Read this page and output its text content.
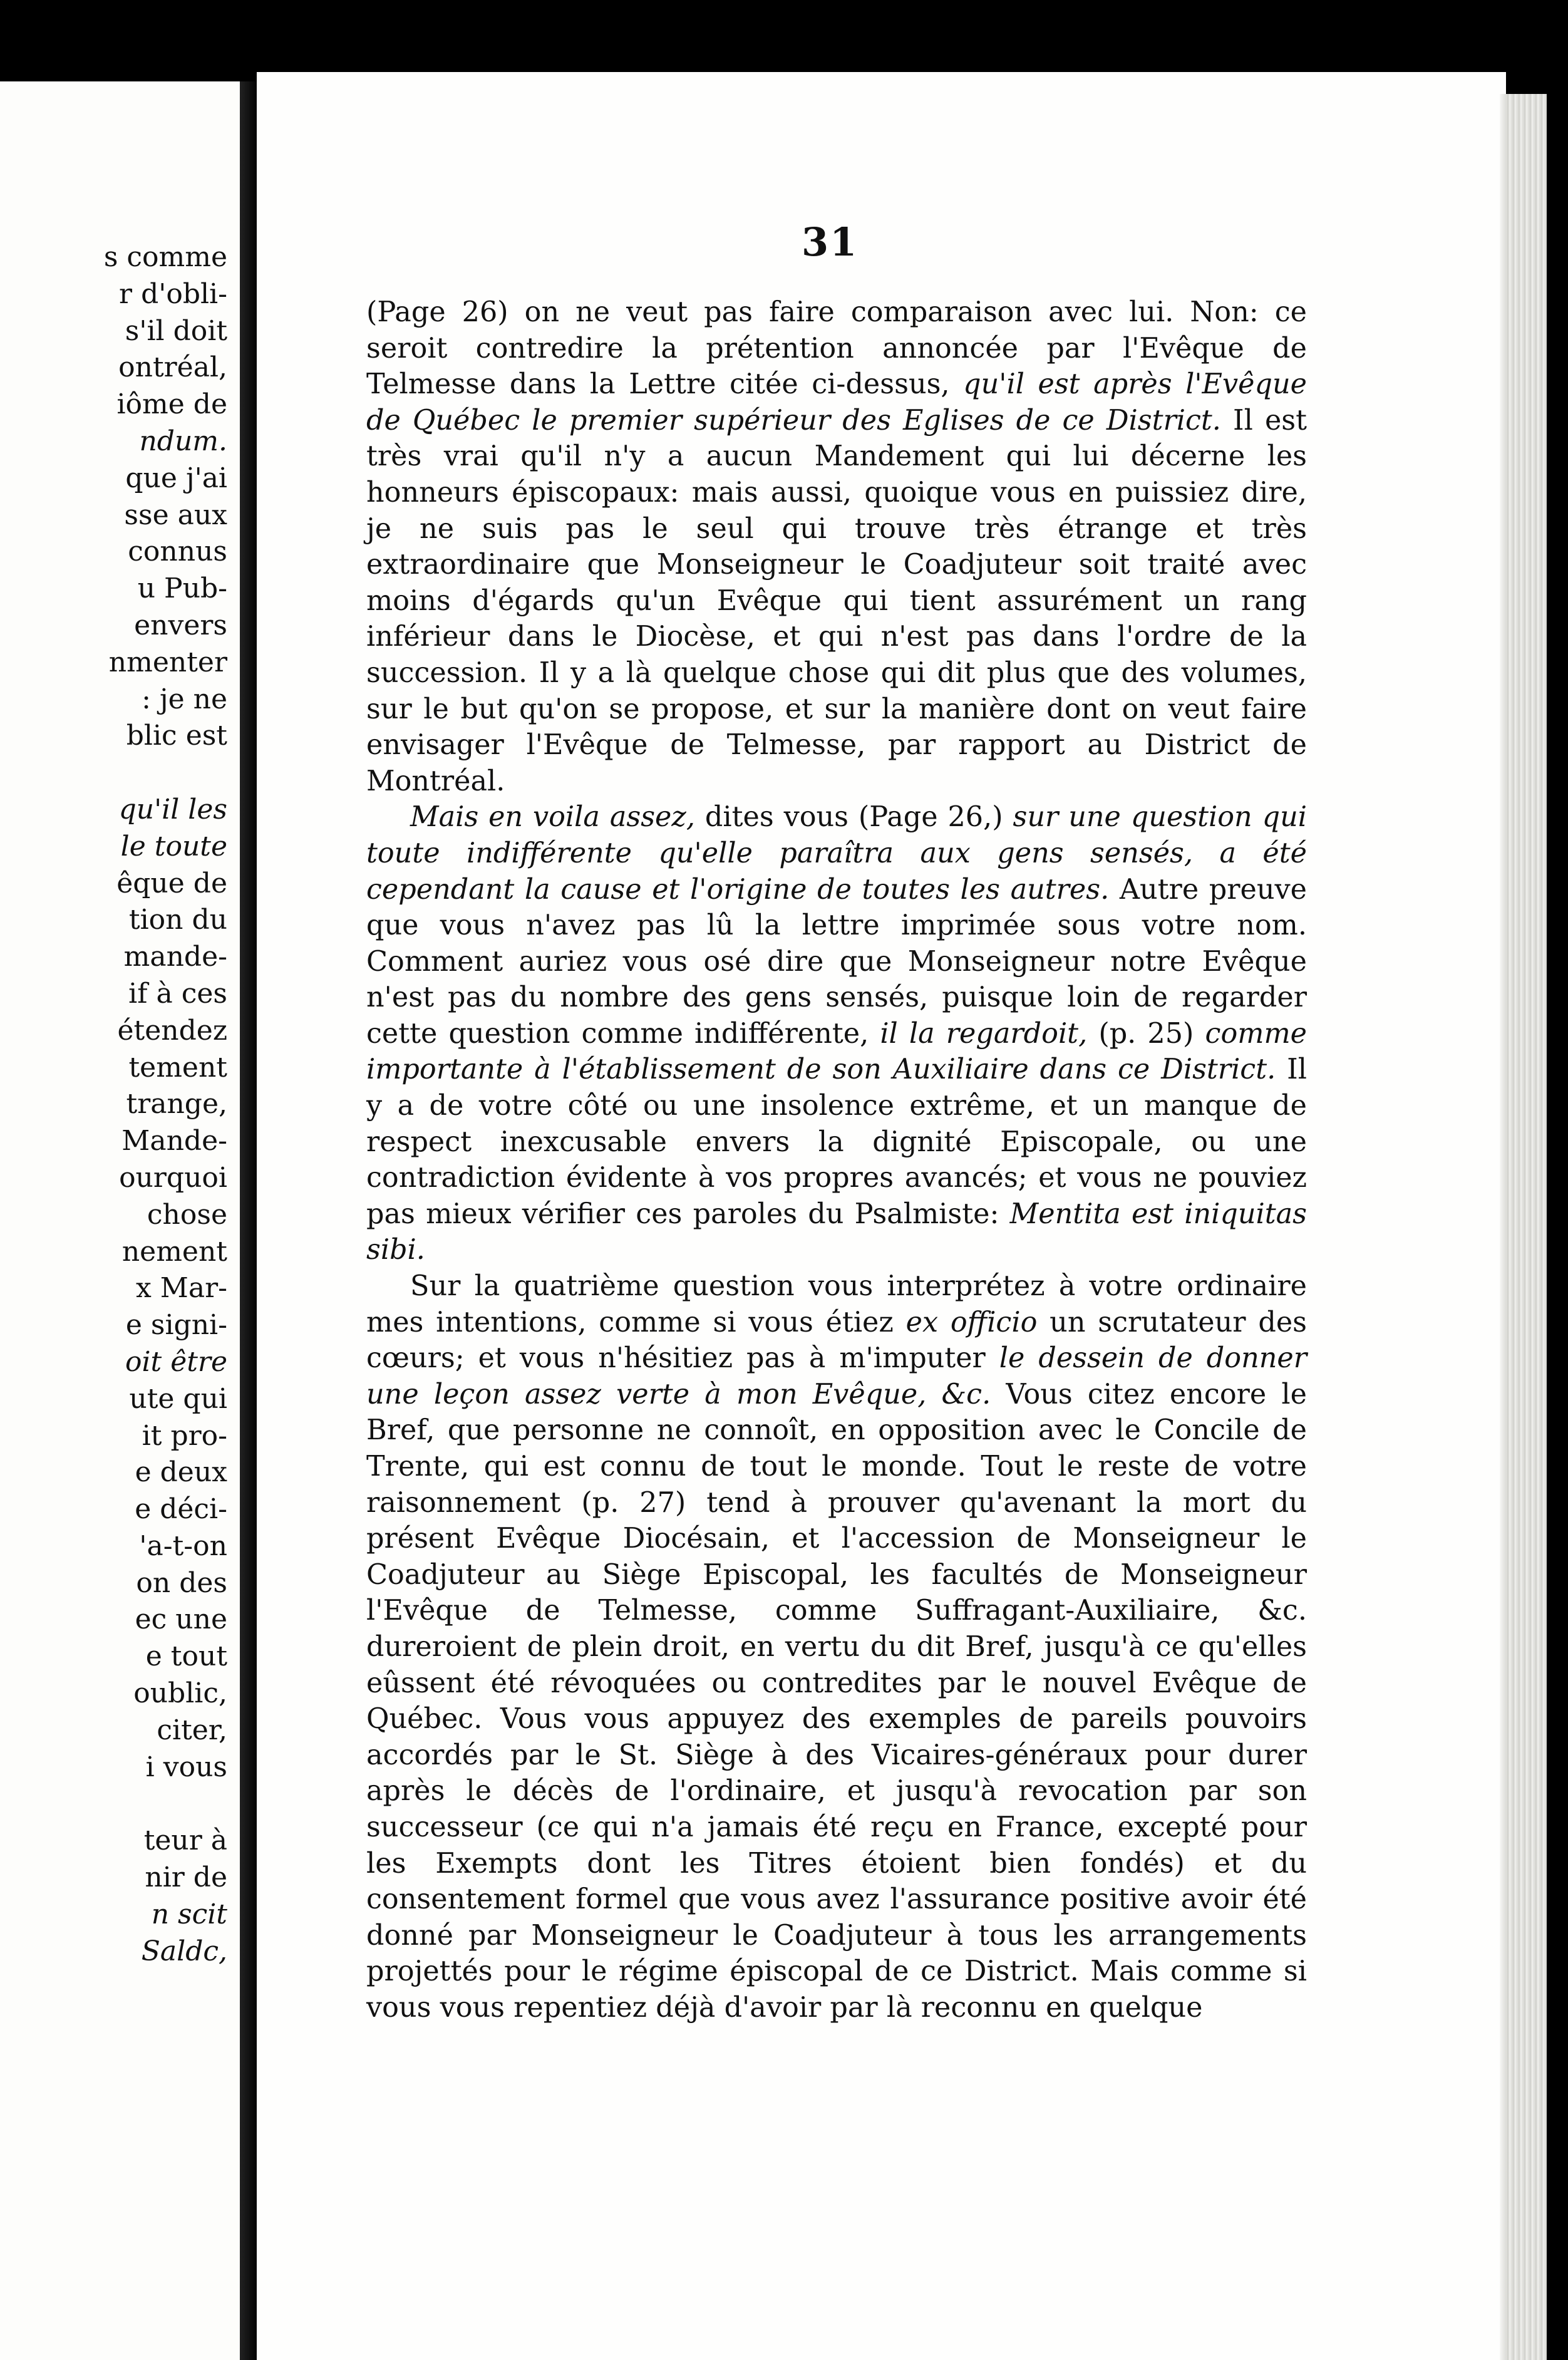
s comme
r d'obli-
s'il doit
ontréal,
iôme de
ndum.
que j'ai
sse aux
connus
u Pub-
envers
nmenter
: je ne
blic est
qu'il les
le toute
êque de
tion du
mande-
if à ces
étendez
tement
trange,
Mande-
ourquoi
chose
nement
x Mar-
e signi-
oit être
ute qui
it pro-
e deux
e déci-
'a-t-on
on des
ec une
e tout
oublic,
citer,
i vous
teur à
nir de
n scit
Saldc,
31

(Page 26) on ne veut pas faire comparaison avec lui. Non: ce seroit contredire la prétention annoncée par l'Evêque de Telmesse dans la Lettre citée ci-dessus, qu'il est après l'Evêque de Québec le premier supérieur des Eglises de ce District. Il est très vrai qu'il n'y a aucun Mandement qui lui décerne les honneurs épiscopaux: mais aussi, quoique vous en puissiez dire, je ne suis pas le seul qui trouve très étrange et très extraordinaire que Monseigneur le Coadjuteur soit traité avec moins d'égards qu'un Evêque qui tient assurément un rang inférieur dans le Diocèse, et qui n'est pas dans l'ordre de la succession. Il y a là quelque chose qui dit plus que des volumes, sur le but qu'on se propose, et sur la manière dont on veut faire envisager l'Evêque de Telmesse, par rapport au District de Montréal.

Mais en voila assez, dites vous (Page 26,) sur une question qui toute indifférente qu'elle paraîtra aux gens sensés, a été cependant la cause et l'origine de toutes les autres. Autre preuve que vous n'avez pas lû la lettre imprimée sous votre nom. Comment auriez vous osé dire que Monseigneur notre Evêque n'est pas du nombre des gens sensés, puisque loin de regarder cette question comme indifférente, il la regardoit, (p. 25) comme importante à l'établissement de son Auxiliaire dans ce District. Il y a de votre côté ou une insolence extrême, et un manque de respect inexcusable envers la dignité Episcopale, ou une contradiction évidente à vos propres avancés; et vous ne pouviez pas mieux vérifier ces paroles du Psalmiste: Mentita est iniquitas sibi.

Sur la quatrième question vous interprétez à votre ordinaire mes intentions, comme si vous étiez ex officio un scrutateur des cœurs; et vous n'hésitiez pas à m'imputer le dessein de donner une leçon assez verte à mon Evêque, &c. Vous citez encore le Bref, que personne ne connoît, en opposition avec le Concile de Trente, qui est connu de tout le monde. Tout le reste de votre raisonnement (p. 27) tend à prouver qu'avenant la mort du présent Evêque Diocésain, et l'accession de Monseigneur le Coadjuteur au Siège Episcopal, les facultés de Monseigneur l'Evêque de Telmesse, comme Suffragant-Auxiliaire, &c. dureroient de plein droit, en vertu du dit Bref, jusqu'à ce qu'elles eûssent été révoquées ou contredites par le nouvel Evêque de Québec. Vous vous appuyez des exemples de pareils pouvoirs accordés par le St. Siège à des Vicaires-généraux pour durer après le décès de l'ordinaire, et jusqu'à revocation par son successeur (ce qui n'a jamais été reçu en France, excepté pour les Exempts dont les Titres étoient bien fondés) et du consentement formel que vous avez l'assurance positive avoir été donné par Monseigneur le Coadjuteur à tous les arrangements projettés pour le régime épiscopal de ce District. Mais comme si vous vous repentiez déjà d'avoir par là reconnu en quelque
